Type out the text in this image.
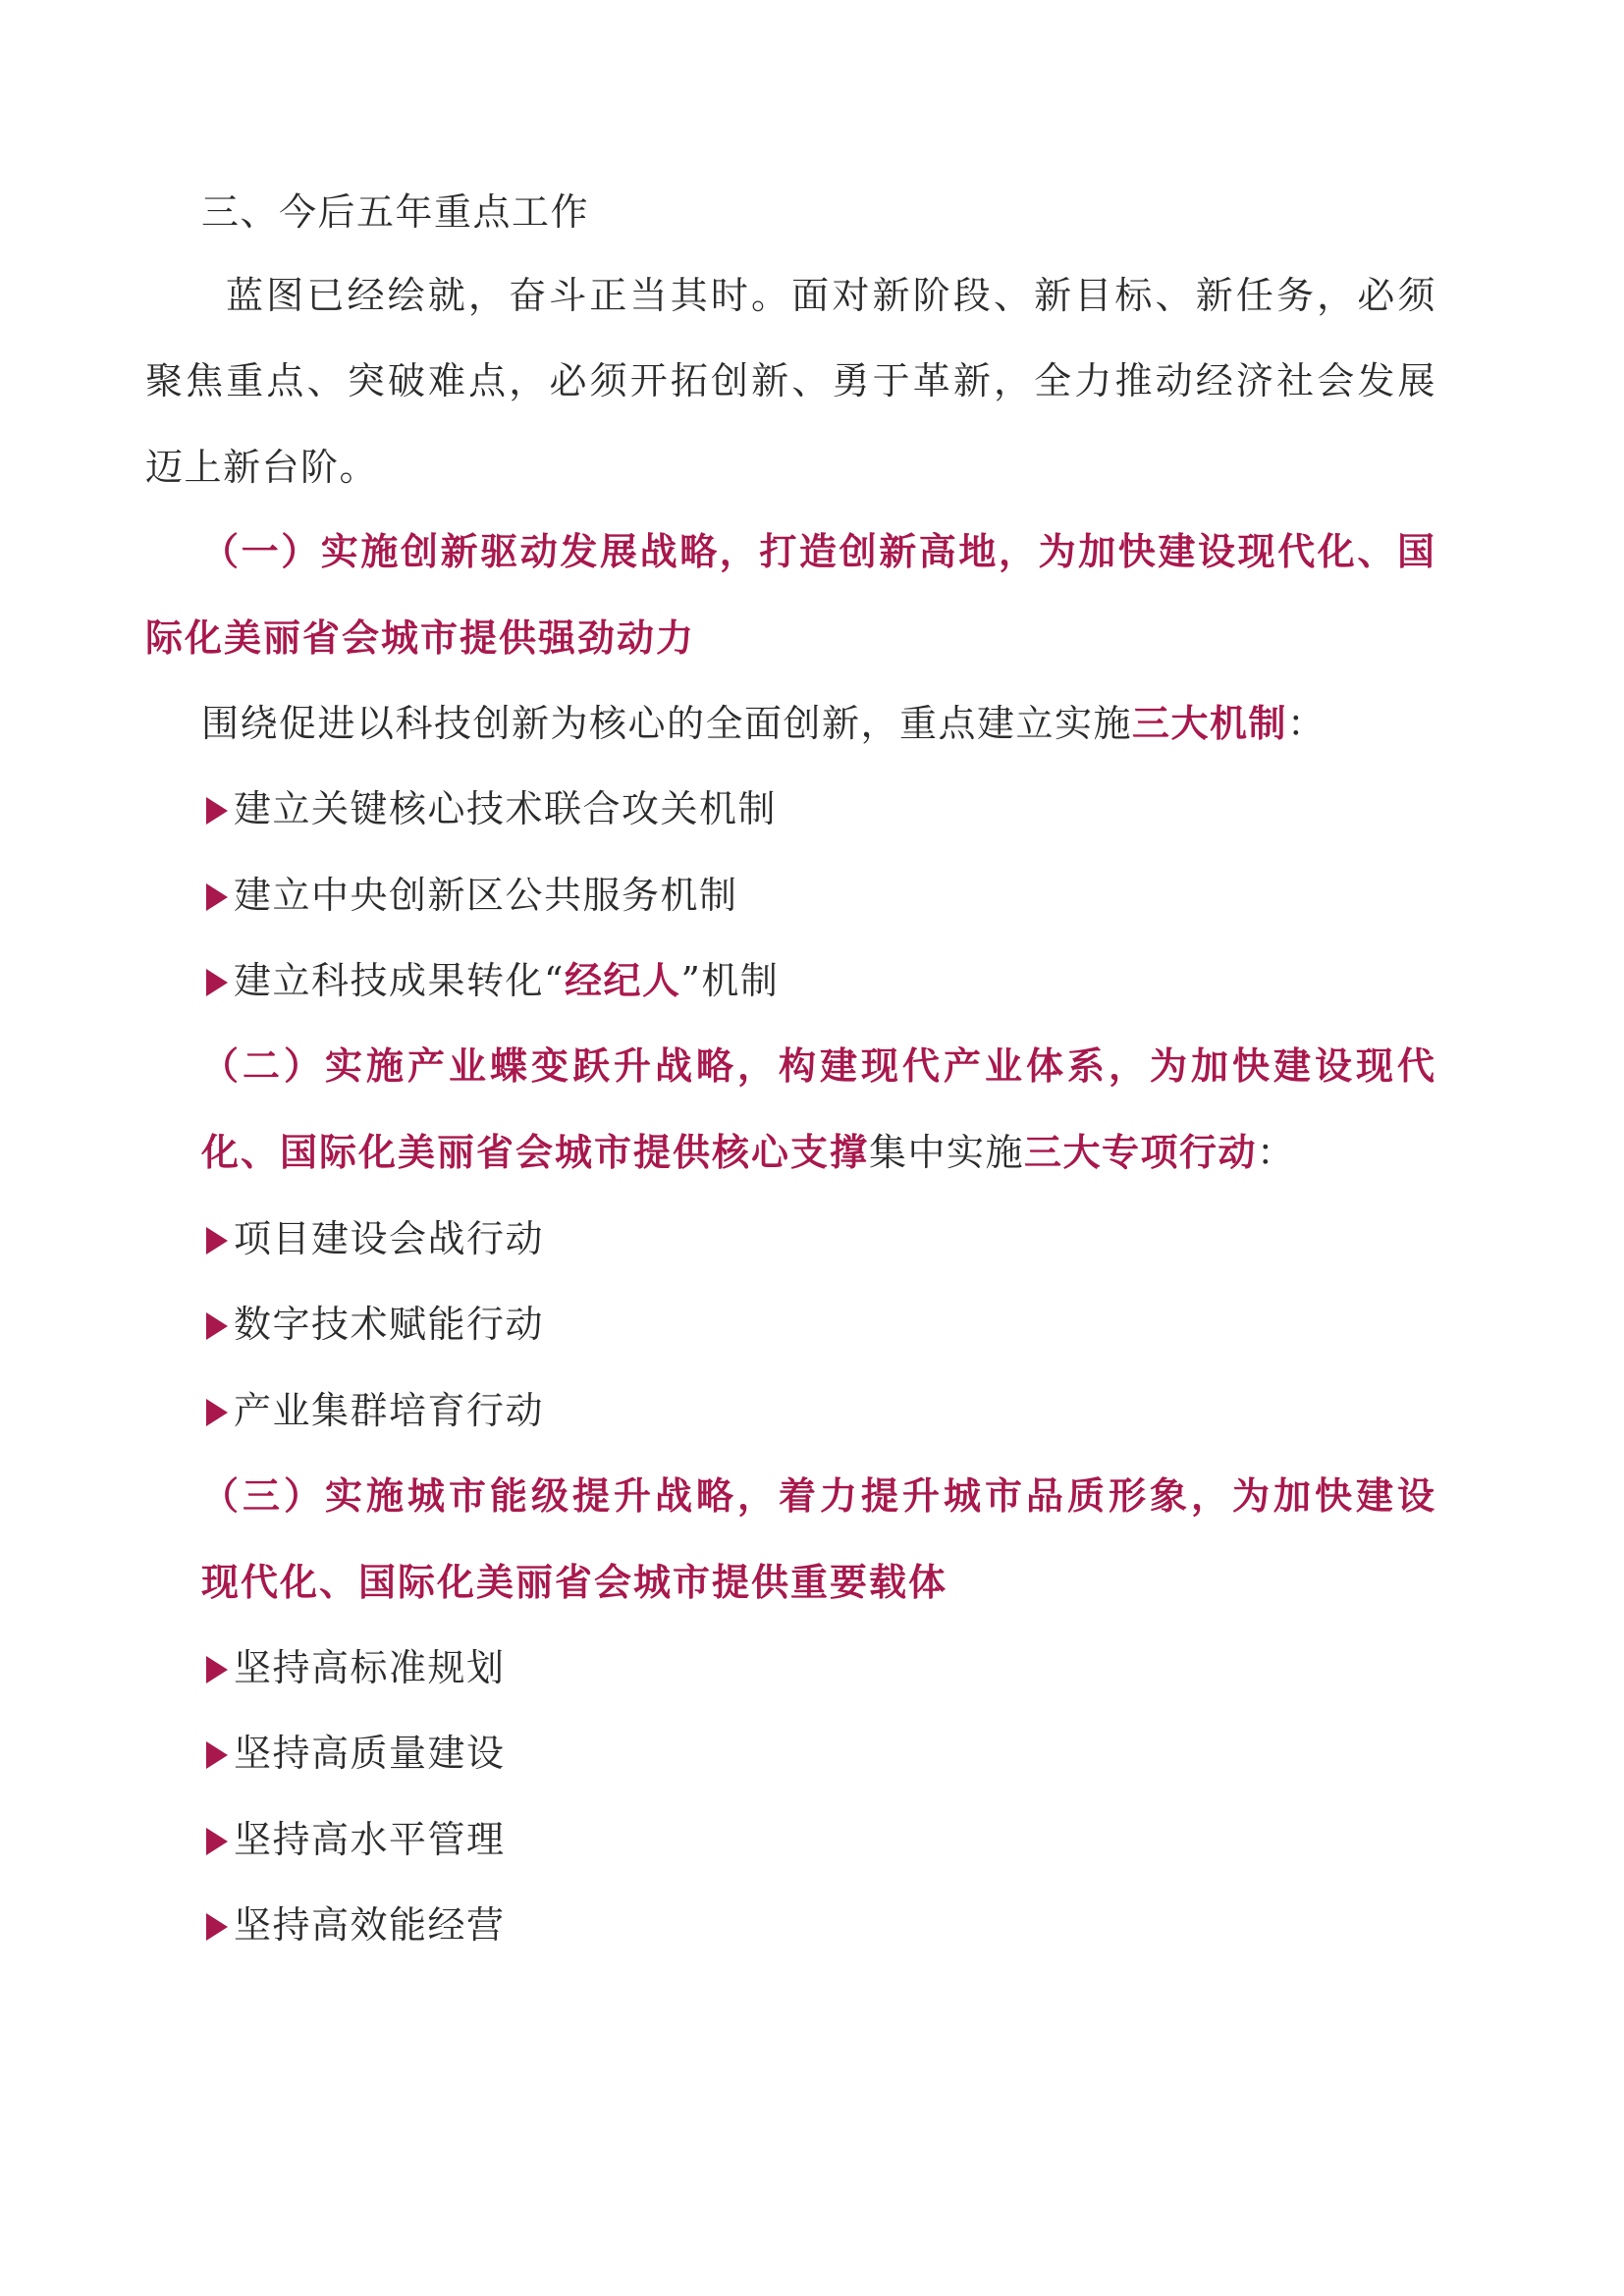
三、今后五年重点工作
蓝图已经绘就，奋斗正当其时。面对新阶段、新目标、新任务，必须
聚焦重点、突破难点，必须开拓创新、勇于革新，全力推动经济社会发展
迈上新台阶。
（一）实施创新驱动发展战略，打造创新高地，为加快建设现代化、国
际化美丽省会城市提供强劲动力
围绕促进以科技创新为核心的全面创新，重点建立实施三大机制：
建立关键核心技术联合攻关机制
建立中央创新区公共服务机制
建立科技成果转化“经纪人”机制
（二）实施产业蝶变跃升战略，构建现代产业体系，为加快建设现代
化、国际化美丽省会城市提供核心支撑集中实施三大专项行动：
项目建设会战行动
数字技术赋能行动
产业集群培育行动
（三）实施城市能级提升战略，着力提升城市品质形象，为加快建设
现代化、国际化美丽省会城市提供重要载体
坚持高标准规划
坚持高质量建设
坚持高水平管理
坚持高效能经营
